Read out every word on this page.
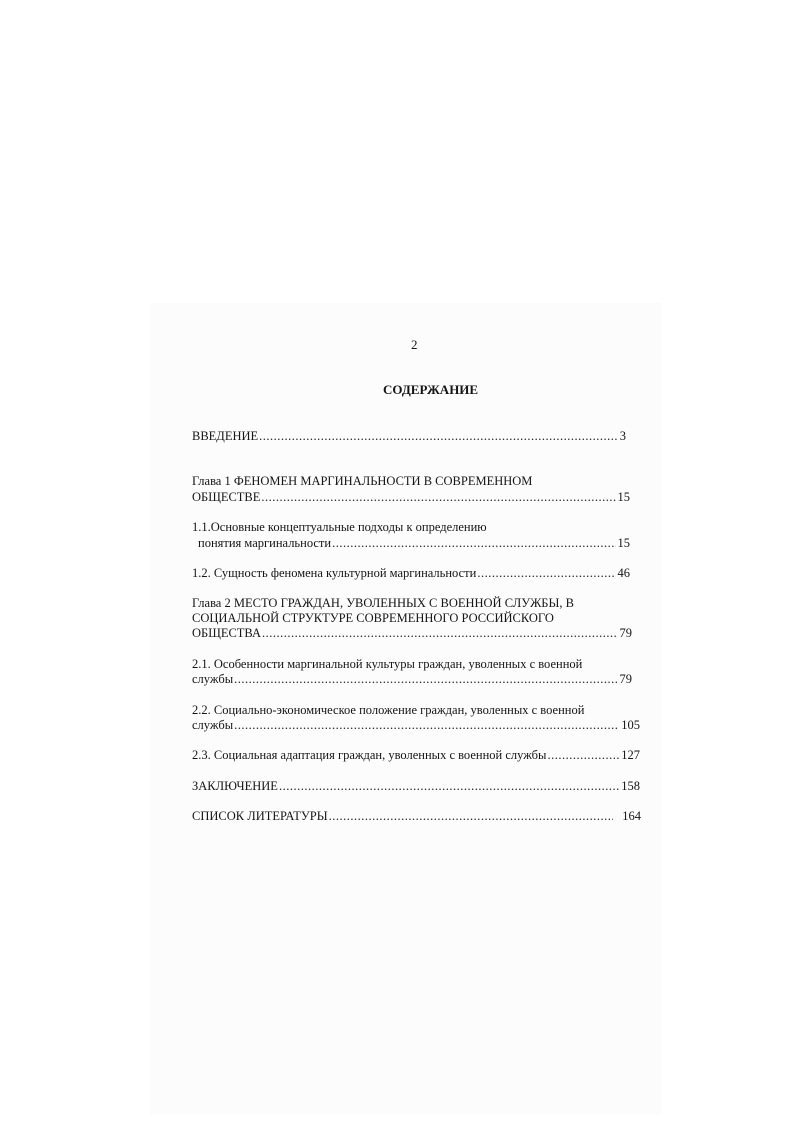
2
СОДЕРЖАНИЕ
ВВЕДЕНИЕ .....	3
Глава 1 ФЕНОМЕН МАРГИНАЛЬНОСТИ В СОВРЕМЕННОМ
ОБЩЕСТВЕ .....	15
1.1.Основные концептуальные подходы к определению
понятия маргинальности .....	15
1.2. Сущность феномена культурной маргинальности .....	46
Глава 2 МЕСТО ГРАЖДАН, УВОЛЕННЫХ С ВОЕННОЙ СЛУЖБЫ, В
СОЦИАЛЬНОЙ СТРУКТУРЕ СОВРЕМЕННОГО РОССИЙСКОГО
ОБЩЕСТВА .....	79
2.1. Особенности маргинальной культуры граждан, уволенных с военной
службы .....	79
2.2. Социально-экономическое положение граждан, уволенных с военной
службы .....	105
2.3. Социальная адаптация граждан, уволенных с военной службы .....	127
ЗАКЛЮЧЕНИЕ .....	158
СПИСОК ЛИТЕРАТУРЫ .....	164
